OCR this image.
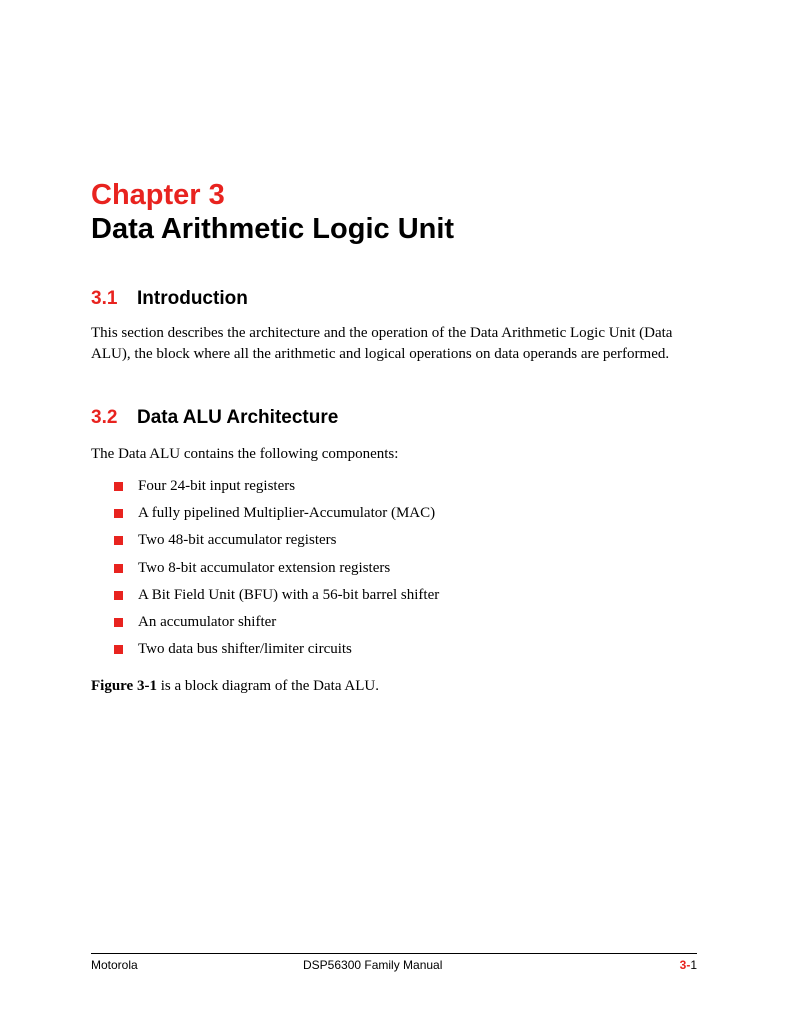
Chapter 3
Data Arithmetic Logic Unit
3.1 Introduction
This section describes the architecture and the operation of the Data Arithmetic Logic Unit (Data ALU), the block where all the arithmetic and logical operations on data operands are performed.
3.2 Data ALU Architecture
The Data ALU contains the following components:
Four 24-bit input registers
A fully pipelined Multiplier-Accumulator (MAC)
Two 48-bit accumulator registers
Two 8-bit accumulator extension registers
A Bit Field Unit (BFU) with a 56-bit barrel shifter
An accumulator shifter
Two data bus shifter/limiter circuits
Figure 3-1 is a block diagram of the Data ALU.
Motorola	DSP56300 Family Manual	3-1
